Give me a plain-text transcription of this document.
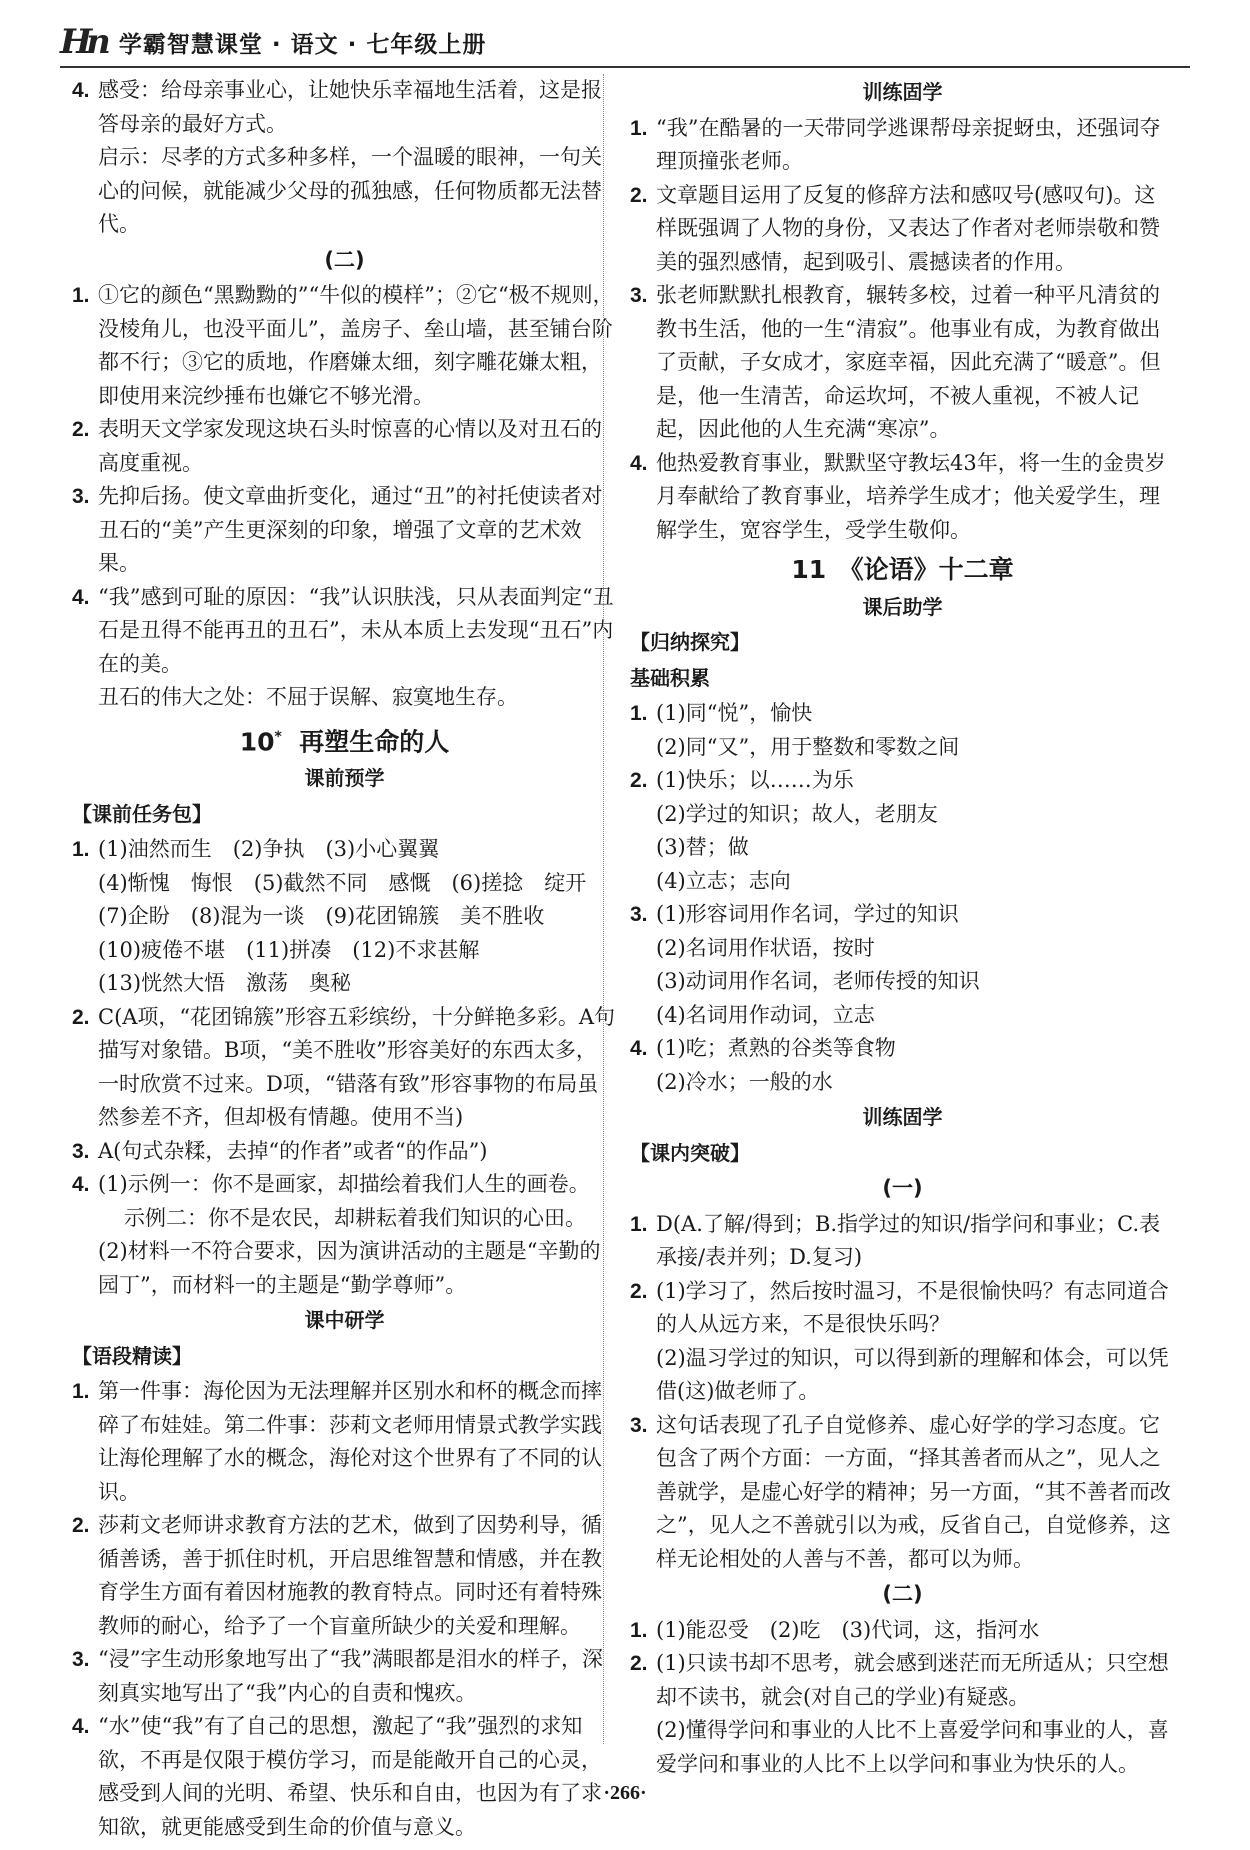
Hn 学霸智慧课堂 · 语文 · 七年级上册
4. 感受：给母亲事业心，让她快乐幸福地生活着，这是报答母亲的最好方式。
启示：尽孝的方式多种多样，一个温暖的眼神，一句关心的问候，就能减少父母的孤独感，任何物质都无法替代。
(二)
1. ①它的颜色“黑黝黝的”“牛似的模样”；②它“极不规则，没棱角儿，也没平面儿”，盖房子、垒山墙，甚至铺台阶都不行；③它的质地，作磨嫌太细，刻字雕花嫌太粗，即使用来浣纱捶布也嫌它不够光滑。
2. 表明天文学家发现这块石头时惊喜的心情以及对丑石的高度重视。
3. 先抑后扬。使文章曲折变化，通过“丑”的衬托使读者对丑石的“美”产生更深刻的印象，增强了文章的艺术效果。
4. “我”感到可耻的原因：“我”认识肤浅，只从表面判定“丑石是丑得不能再丑的丑石”，未从本质上去发现“丑石”内在的美。
丑石的伟大之处：不屈于误解、寂寞地生存。
10* 再塑生命的人
课前预学
【课前任务包】
1. (1)油然而生　(2)争执　(3)小心翼翼
(4)惭愧　悔恨　(5)截然不同　感慨　(6)搓捻　绽开
(7)企盼　(8)混为一谈　(9)花团锦簇　美不胜收
(10)疲倦不堪　(11)拼凑　(12)不求甚解
(13)恍然大悟　激荡　奥秘
2. C(A项，“花团锦簇”形容五彩缤纷，十分鲜艳多彩。A句描写对象错。B项，“美不胜收”形容美好的东西太多，一时欣赏不过来。D项，“错落有致”形容事物的布局虽然参差不齐，但却极有情趣。使用不当)
3. A(句式杂糅，去掉“的作者”或者“的作品”)
4. (1)示例一：你不是画家，却描绘着我们人生的画卷。
示例二：你不是农民，却耕耘着我们知识的心田。
(2)材料一不符合要求，因为演讲活动的主题是“辛勤的园丁”，而材料一的主题是“勤学尊师”。
课中研学
【语段精读】
1. 第一件事：海伦因为无法理解并区别水和杯的概念而摔碎了布娃娃。第二件事：莎莉文老师用情景式教学实践让海伦理解了水的概念，海伦对这个世界有了不同的认识。
2. 莎莉文老师讲求教育方法的艺术，做到了因势利导，循循善诱，善于抓住时机，开启思维智慧和情感，并在教育学生方面有着因材施教的教育特点。同时还有着特殊教师的耐心，给予了一个盲童所缺少的关爱和理解。
3. “浸”字生动形象地写出了“我”满眼都是泪水的样子，深刻真实地写出了“我”内心的自责和愧疚。
4. “水”使“我”有了自己的思想，激起了“我”强烈的求知欲，不再是仅限于模仿学习，而是能敞开自己的心灵，感受到人间的光明、希望、快乐和自由，也因为有了求知欲，就更能感受到生命的价值与意义。
训练固学
1. “我”在酷暑的一天带同学逃课帮母亲捉蚜虫，还强词夺理顶撞张老师。
2. 文章题目运用了反复的修辞方法和感叹号(感叹句)。这样既强调了人物的身份，又表达了作者对老师崇敬和赞美的强烈感情，起到吸引、震撼读者的作用。
3. 张老师默默扎根教育，辗转多校，过着一种平凡清贫的教书生活，他的一生“清寂”。他事业有成，为教育做出了贡献，子女成才，家庭幸福，因此充满了“暖意”。但是，他一生清苦，命运坎坷，不被人重视，不被人记起，因此他的人生充满“寒凉”。
4. 他热爱教育事业，默默坚守教坛43年，将一生的金贵岁月奉献给了教育事业，培养学生成才；他关爱学生，理解学生，宽容学生，受学生敬仰。
11　《论语》十二章
课后助学
【归纳探究】
基础积累
1. (1)同“悦”，愉快
(2)同“又”，用于整数和零数之间
2. (1)快乐；以……为乐
(2)学过的知识；故人，老朋友
(3)替；做
(4)立志；志向
3. (1)形容词用作名词，学过的知识
(2)名词用作状语，按时
(3)动词用作名词，老师传授的知识
(4)名词用作动词，立志
4. (1)吃；煮熟的谷类等食物
(2)冷水；一般的水
训练固学
【课内突破】
(一)
1. D(A.了解/得到；B.指学过的知识/指学问和事业；C.表承接/表并列；D.复习)
2. (1)学习了，然后按时温习，不是很愉快吗？有志同道合的人从远方来，不是很快乐吗？
(2)温习学过的知识，可以得到新的理解和体会，可以凭借(这)做老师了。
3. 这句话表现了孔子自觉修养、虚心好学的学习态度。它包含了两个方面：一方面，“择其善者而从之”，见人之善就学，是虚心好学的精神；另一方面，“其不善者而改之”，见人之不善就引以为戒，反省自己，自觉修养，这样无论相处的人善与不善，都可以为师。
(二)
1. (1)能忍受　(2)吃　(3)代词，这，指河水
2. (1)只读书却不思考，就会感到迷茫而无所适从；只空想却不读书，就会(对自己的学业)有疑惑。
(2)懂得学问和事业的人比不上喜爱学问和事业的人，喜爱学问和事业的人比不上以学问和事业为快乐的人。
·266·
